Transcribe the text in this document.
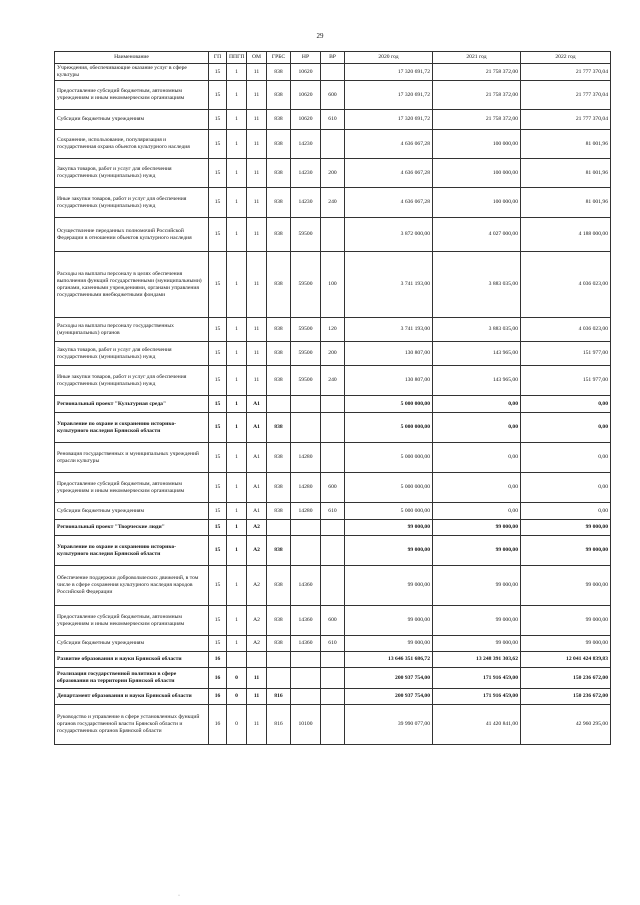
29
Наименование	ГП	ППГП	ОМ	ГРБС	НР	ВР	2020 год	2021 год	2022 год
Учреждения, обеспечивающие оказание услуг в сфере культуры	15	1	11	838	10620		17 320 691,72	21 758 372,00	21 777 370,04
Предоставление субсидий бюджетным, автономным учреждениям и иным некоммерческим организациям	15	1	11	838	10620	600	17 320 691,72	21 758 372,00	21 777 370,04
Субсидии бюджетным учреждениям	15	1	11	838	10620	610	17 320 691,72	21 758 372,00	21 777 370,04
Сохранение, использование, популяризация и государственная охрана объектов культурного наследия	15	1	11	838	14230		4 636 067,28	100 000,00	81 001,96
Закупка товаров, работ и услуг для обеспечения государственных (муниципальных) нужд	15	1	11	838	14230	200	4 636 067,28	100 000,00	81 001,96
Иные закупки товаров, работ и услуг для обеспечения государственных (муниципальных) нужд	15	1	11	838	14230	240	4 636 067,28	100 000,00	81 001,96
Осуществление переданных полномочий Российской Федерации в отношении объектов культурного наследия	15	1	11	838	59500		3 872 000,00	4 027 000,00	4 188 000,00
Расходы на выплаты персоналу в целях обеспечения выполнения функций государственными (муниципальными) органами, казенными учреждениями, органами управления государственными внебюджетными фондами	15	1	11	838	59500	100	3 741 193,00	3 883 035,00	4 036 023,00
Расходы на выплаты персоналу государственных (муниципальных) органов	15	1	11	838	59500	120	3 741 193,00	3 883 035,00	4 036 023,00
Закупка товаров, работ и услуг для обеспечения государственных (муниципальных) нужд	15	1	11	838	59500	200	130 807,00	143 965,00	151 977,00
Иные закупки товаров, работ и услуг для обеспечения государственных (муниципальных) нужд	15	1	11	838	59500	240	130 807,00	143 965,00	151 977,00
Региональный проект "Культурная среда"	15	1	A1				5 000 000,00	0,00	0,00
Управление по охране и сохранению историко-культурного наследия Брянской области	15	1	A1	838			5 000 000,00	0,00	0,00
Реновация государственных и муниципальных учреждений отрасли культуры	15	1	A1	838	14280		5 000 000,00	0,00	0,00
Предоставление субсидий бюджетным, автономным учреждениям и иным некоммерческим организациям	15	1	A1	838	14280	600	5 000 000,00	0,00	0,00
Субсидии бюджетным учреждениям	15	1	A1	838	14280	610	5 000 000,00	0,00	0,00
Региональный проект "Творческие люди"	15	1	A2				99 000,00	99 000,00	99 000,00
Управление по охране и сохранению историко-культурного наследия Брянской области	15	1	A2	838			99 000,00	99 000,00	99 000,00
Обеспечение поддержки добровольческих движений, в том числе в сфере сохранения культурного наследия народов Российской Федерации	15	1	A2	838	14360		99 000,00	99 000,00	99 000,00
Предоставление субсидий бюджетным, автономным учреждениям и иным некоммерческим организациям	15	1	A2	838	14360	600	99 000,00	99 000,00	99 000,00
Субсидии бюджетным учреждениям	15	1	A2	838	14360	610	99 000,00	99 000,00	99 000,00
Развитие образования и науки Брянской области	16						13 646 351 686,72	13 248 391 303,62	12 041 424 839,83
Реализация государственной политики в сфере образования на территории Брянской области	16	0	11				200 937 754,00	171 916 459,00	150 236 672,00
Департамент образования и науки Брянской области	16	0	11	816			200 937 754,00	171 916 459,00	150 236 672,00
Руководство и управление в сфере установленных функций органов государственной власти Брянской области и государственных органов Брянской области	16	0	11	816	10100		39 990 077,00	41 420 841,00	42 960 295,00
·
